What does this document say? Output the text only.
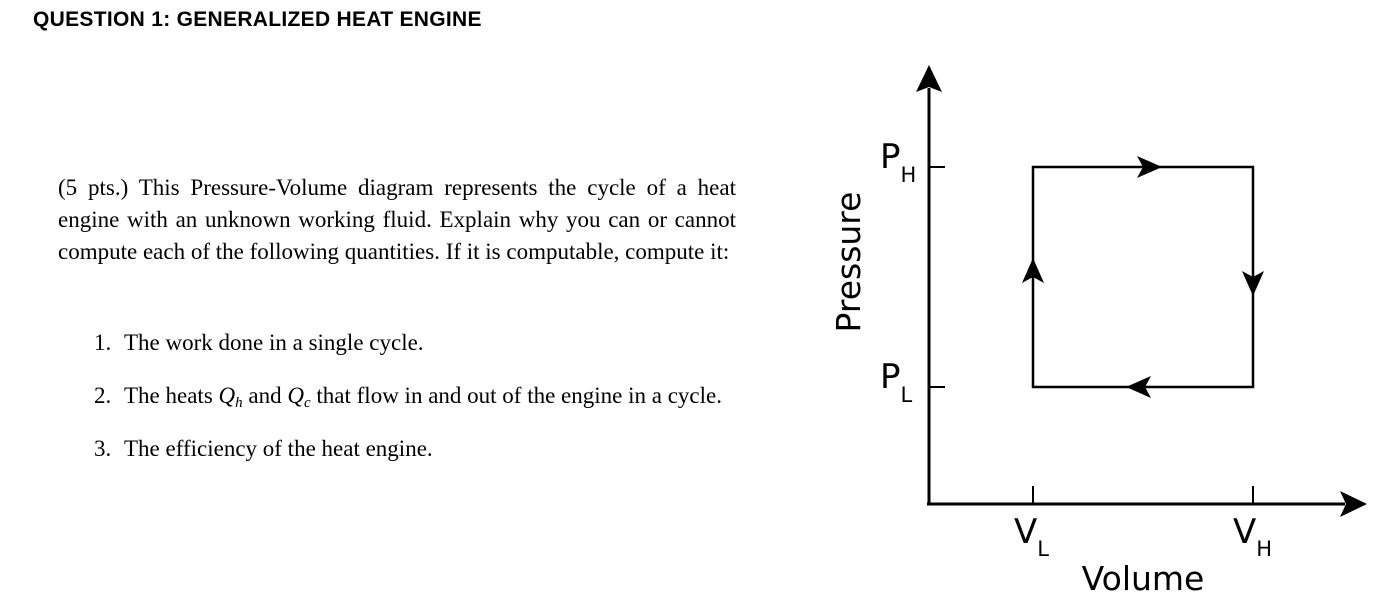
QUESTION 1: GENERALIZED HEAT ENGINE

(5 pts.) This Pressure-Volume diagram represents the cycle of a heat engine with an unknown working fluid. Explain why you can or cannot compute each of the following quantities. If it is computable, compute it:

1. The work done in a single cycle.
2. The heats $Q_h$ and $Q_c$ that flow in and out of the engine in a cycle.
3. The efficiency of the heat engine.
$P_H$
$P_L$
$V_L$	$V_H$
Volume
Pressure
